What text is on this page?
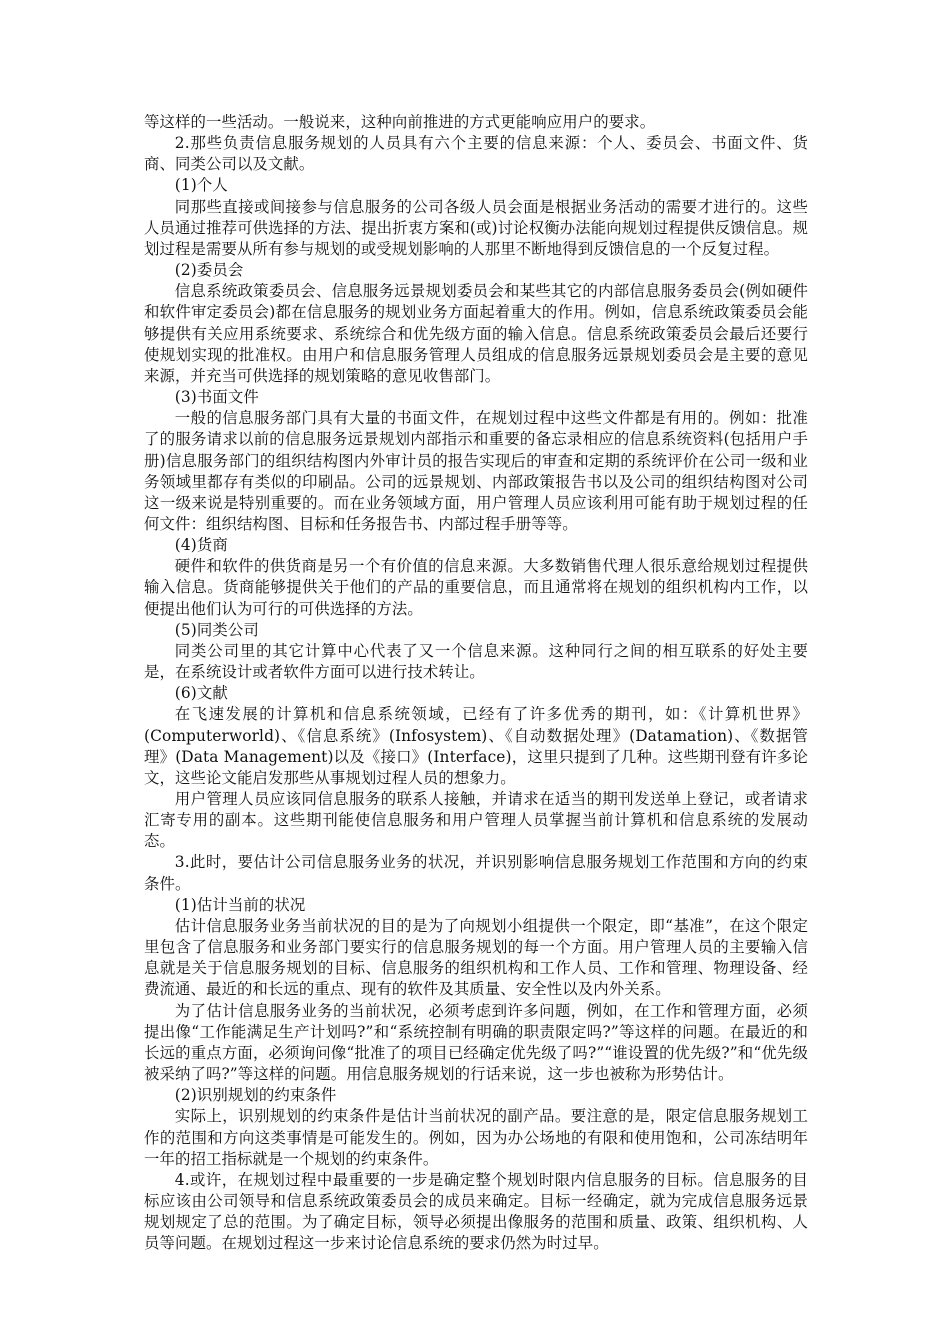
等这样的一些活动。一般说来，这种向前推进的方式更能响应用户的要求。

2.那些负责信息服务规划的人员具有六个主要的信息来源：个人、委员会、书面文件、货商、同类公司以及文献。

(1)个人

同那些直接或间接参与信息服务的公司各级人员会面是根据业务活动的需要才进行的。这些人员通过推荐可供选择的方法、提出折衷方案和(或)讨论权衡办法能向规划过程提供反馈信息。规划过程是需要从所有参与规划的或受规划影响的人那里不断地得到反馈信息的一个反复过程。

(2)委员会

信息系统政策委员会、信息服务远景规划委员会和某些其它的内部信息服务委员会(例如硬件和软件审定委员会)都在信息服务的规划业务方面起着重大的作用。例如，信息系统政策委员会能够提供有关应用系统要求、系统综合和优先级方面的输入信息。信息系统政策委员会最后还要行使规划实现的批准权。由用户和信息服务管理人员组成的信息服务远景规划委员会是主要的意见来源，并充当可供选择的规划策略的意见收售部门。

(3)书面文件

一般的信息服务部门具有大量的书面文件，在规划过程中这些文件都是有用的。例如：批准了的服务请求以前的信息服务远景规划内部指示和重要的备忘录相应的信息系统资料(包括用户手册)信息服务部门的组织结构图内外审计员的报告实现后的审查和定期的系统评价在公司一级和业务领域里都存有类似的印刷品。公司的远景规划、内部政策报告书以及公司的组织结构图对公司这一级来说是特别重要的。而在业务领域方面，用户管理人员应该利用可能有助于规划过程的任何文件：组织结构图、目标和任务报告书、内部过程手册等等。

(4)货商

硬件和软件的供货商是另一个有价值的信息来源。大多数销售代理人很乐意给规划过程提供输入信息。货商能够提供关于他们的产品的重要信息，而且通常将在规划的组织机构内工作，以便提出他们认为可行的可供选择的方法。

(5)同类公司

同类公司里的其它计算中心代表了又一个信息来源。这种同行之间的相互联系的好处主要是，在系统设计或者软件方面可以进行技术转让。

(6)文献

在飞速发展的计算机和信息系统领域，已经有了许多优秀的期刊，如：《计算机世界》(Computerworld)、《信息系统》(Infosystem)、《自动数据处理》(Datamation)、《数据管理》(Data Management)以及《接口》(Interface)，这里只提到了几种。这些期刊登有许多论文，这些论文能启发那些从事规划过程人员的想象力。

用户管理人员应该同信息服务的联系人接触，并请求在适当的期刊发送单上登记，或者请求汇寄专用的副本。这些期刊能使信息服务和用户管理人员掌握当前计算机和信息系统的发展动态。

3.此时，要估计公司信息服务业务的状况，并识别影响信息服务规划工作范围和方向的约束条件。

(1)估计当前的状况

估计信息服务业务当前状况的目的是为了向规划小组提供一个限定，即“基准”，在这个限定里包含了信息服务和业务部门要实行的信息服务规划的每一个方面。用户管理人员的主要输入信息就是关于信息服务规划的目标、信息服务的组织机构和工作人员、工作和管理、物理设备、经费流通、最近的和长远的重点、现有的软件及其质量、安全性以及内外关系。

为了估计信息服务业务的当前状况，必须考虑到许多问题，例如，在工作和管理方面，必须提出像“工作能满足生产计划吗?”和“系统控制有明确的职责限定吗?”等这样的问题。在最近的和长远的重点方面，必须询问像“批准了的项目已经确定优先级了吗?”“谁设置的优先级?”和“优先级被采纳了吗?”等这样的问题。用信息服务规划的行话来说，这一步也被称为形势估计。

(2)识别规划的约束条件

实际上，识别规划的约束条件是估计当前状况的副产品。要注意的是，限定信息服务规划工作的范围和方向这类事情是可能发生的。例如，因为办公场地的有限和使用饱和，公司冻结明年一年的招工指标就是一个规划的约束条件。

4.或许，在规划过程中最重要的一步是确定整个规划时限内信息服务的目标。信息服务的目标应该由公司领导和信息系统政策委员会的成员来确定。目标一经确定，就为完成信息服务远景规划规定了总的范围。为了确定目标，领导必须提出像服务的范围和质量、政策、组织机构、人员等问题。在规划过程这一步来讨论信息系统的要求仍然为时过早。
